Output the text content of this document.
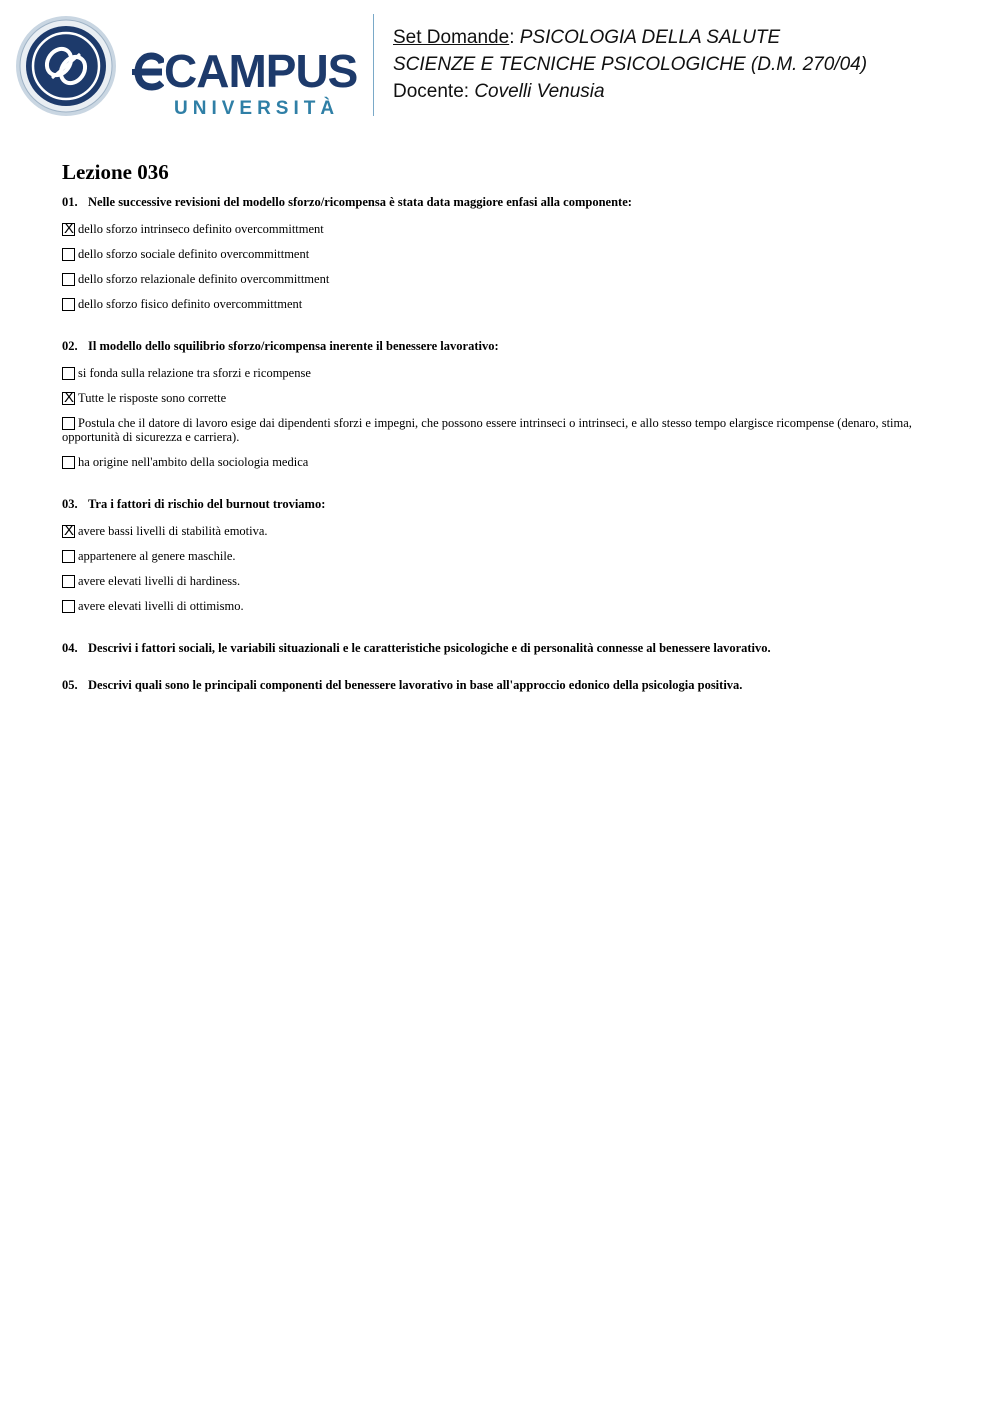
CAMPUS
UNIVERSITÀ
Set Domande: PSICOLOGIA DELLA SALUTE
SCIENZE E TECNICHE PSICOLOGICHE (D.M. 270/04)
Docente: Covelli Venusia
Lezione 036
01. Nelle successive revisioni del modello sforzo/ricompensa è stata data maggiore enfasi alla componente:
X dello sforzo intrinseco definito overcommittment
dello sforzo sociale definito overcommittment
dello sforzo relazionale definito overcommittment
dello sforzo fisico definito overcommittment
02. Il modello dello squilibrio sforzo/ricompensa inerente il benessere lavorativo:
si fonda sulla relazione tra sforzi e ricompense
X Tutte le risposte sono corrette
Postula che il datore di lavoro esige dai dipendenti sforzi e impegni, che possono essere intrinseci o intrinseci, e allo stesso tempo elargisce ricompense (denaro, stima, opportunità di sicurezza e carriera).
ha origine nell'ambito della sociologia medica
03. Tra i fattori di rischio del burnout troviamo:
X avere bassi livelli di stabilità emotiva.
appartenere al genere maschile.
avere elevati livelli di hardiness.
avere elevati livelli di ottimismo.
04. Descrivi i fattori sociali, le variabili situazionali e le caratteristiche psicologiche e di personalità connesse al benessere lavorativo.
05. Descrivi quali sono le principali componenti del benessere lavorativo in base all'approccio edonico della psicologia positiva.
